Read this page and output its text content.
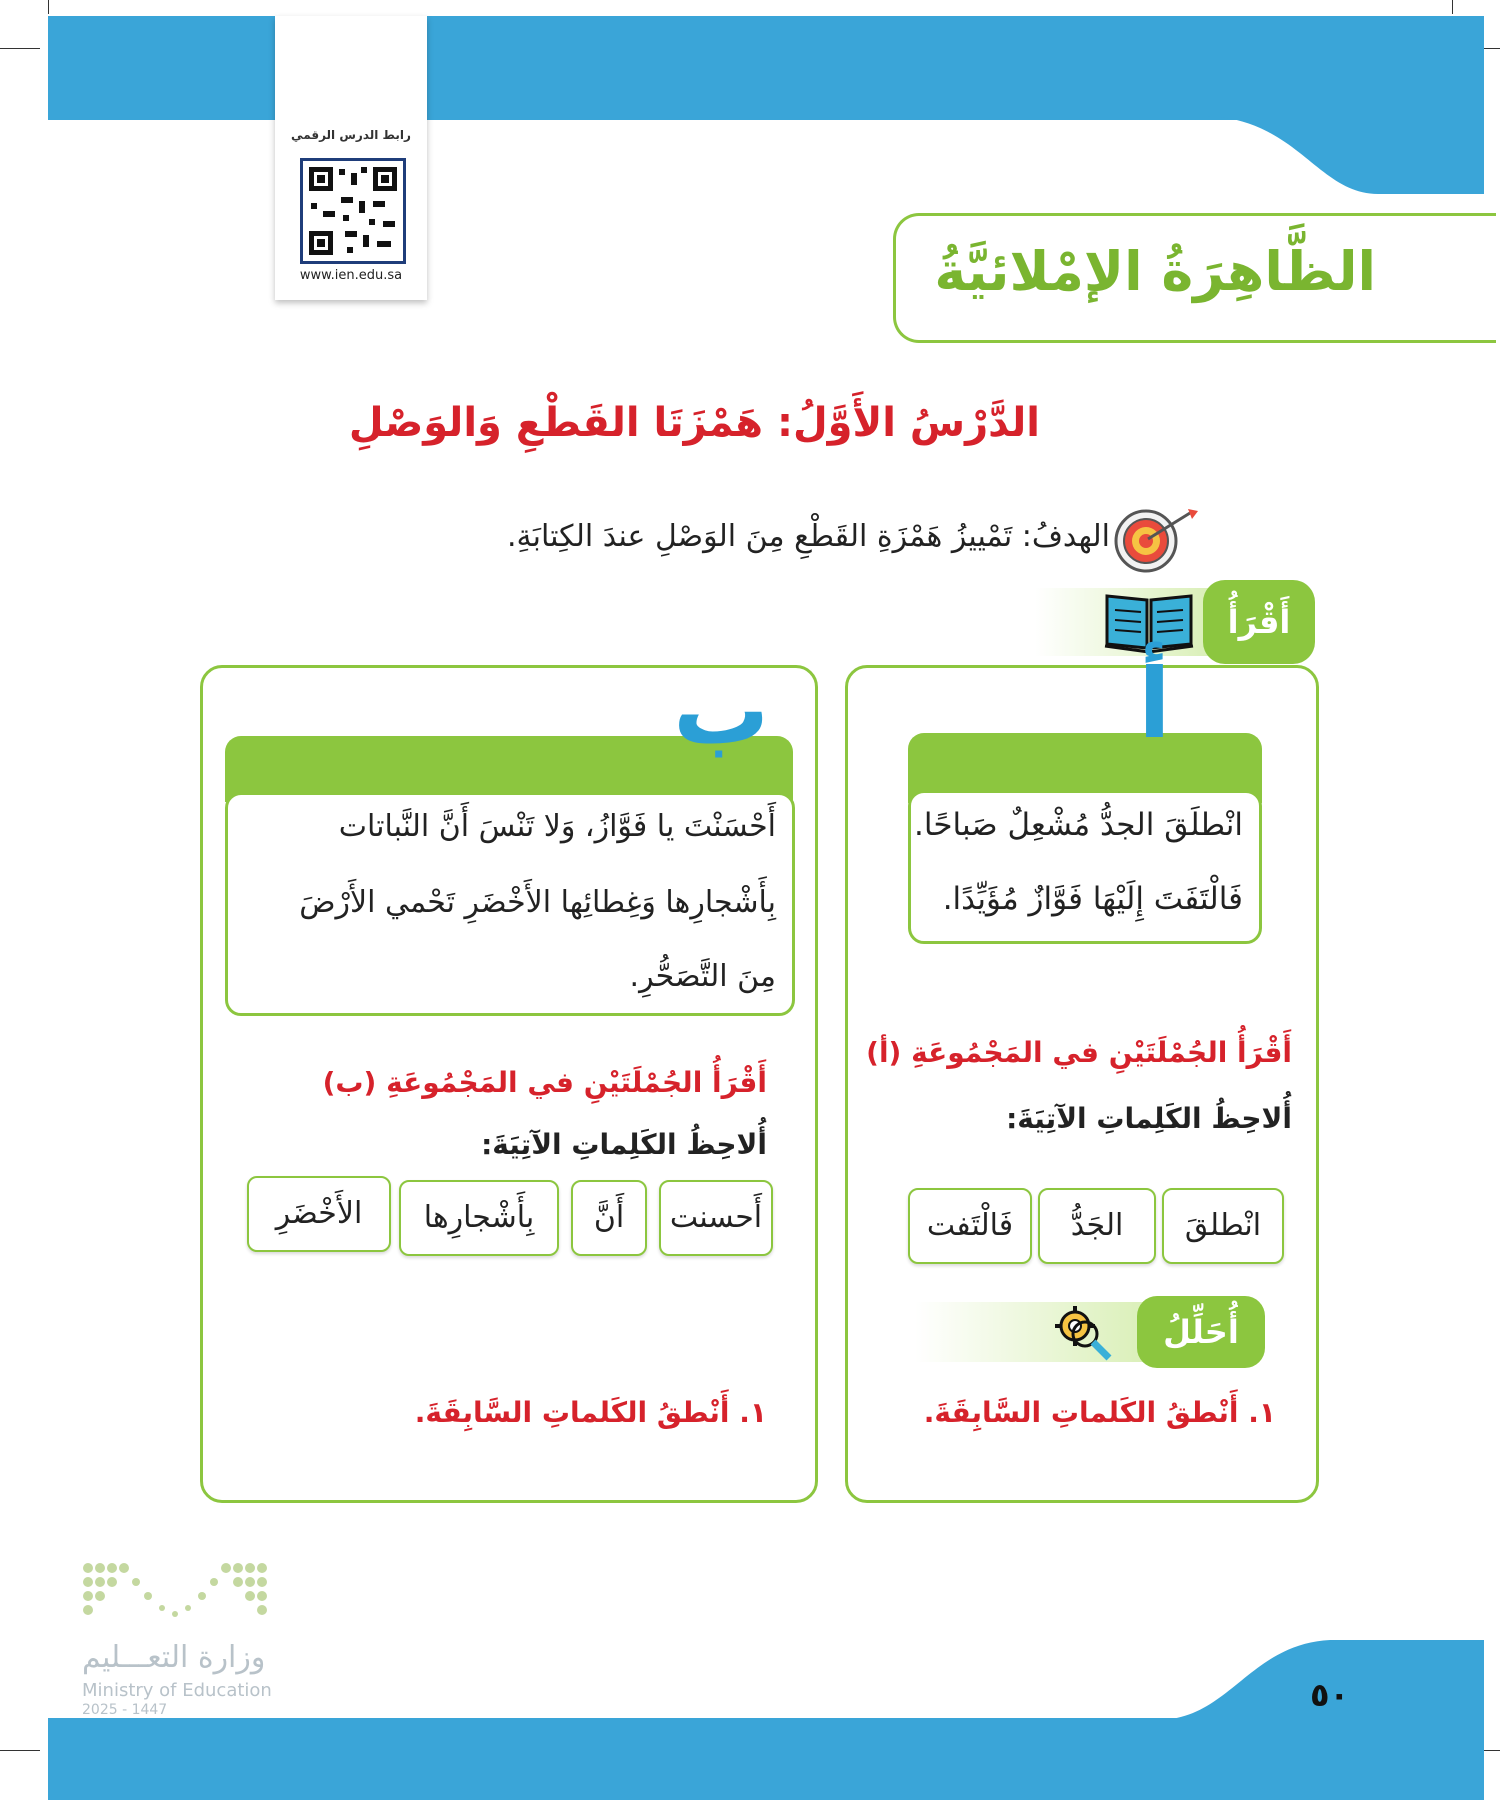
رابط الدرس الرقمي
www.ien.edu.sa	الظَّاهِرَةُ الإمْلائيَّةُ
الدَّرْسُ الأَوَّلُ: هَمْزَتَا القَطْعِ وَالوَصْلِ
الهدفُ: تَمْييزُ هَمْزَةِ القَطْعِ مِنَ الوَصْلِ عندَ الكِتابَةِ.
أَقْرَأُ
أ
انْطلَقَ الجدُّ مُشْعِلٌ صَباحًا.
فَالْتَفَتَ إِلَيْهَا فَوَّازٌ مُؤَيِّدًا.
أَقْرَأُ الجُمْلَتَيْنِ في المَجْمُوعَةِ (أ)
أُلاحِظُ الكَلِماتِ الآتِيَةَ:
انْطلقَ
الجَدُّ
فَالْتَفت
١. أَنْطقُ الكَلماتِ السَّابِقَةَ.
أُحَلِّلُ
ب
أَحْسَنْتَ يا فَوَّازُ، وَلا تَنْسَ أَنَّ النَّباتات
بِأَشْجارِها وَغِطائِها الأَخْضَرِ تَحْمي الأَرْضَ
مِنَ التَّصَحُّرِ.
أَقْرَأُ الجُمْلَتَيْنِ في المَجْمُوعَةِ (ب)
أُلاحِظُ الكَلِماتِ الآتِيَةَ:
أَحسنت
أَنَّ
بِأَشْجارِها
الأَخْضَرِ
١. أَنْطقُ الكَلماتِ السَّابِقَةَ.
٥٠
وزارة التعـــليم
Ministry of Education
2025 - 1447
